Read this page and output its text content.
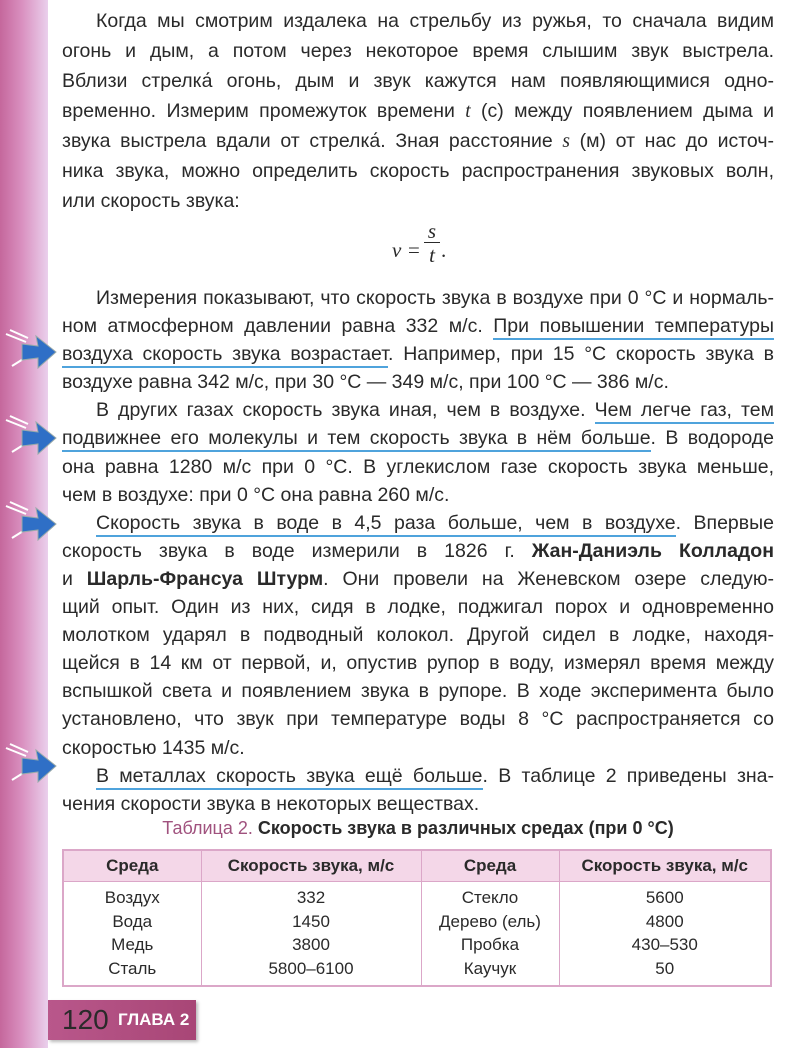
Когда мы смотрим издалека на стрельбу из ружья, то сначала видим
огонь и дым, а потом через некоторое время слышим звук выстрела.
Вблизи стрелка́ огонь, дым и звук кажутся нам появляющимися одно-
временно. Измерим промежуток времени t (с) между появлением дыма и
звука выстрела вдали от стрелка́. Зная расстояние s (м) от нас до источ-
ника звука, можно определить скорость распространения звуковых волн,
или скорость звука:
$v = \frac{s}{t}$ .
Измерения показывают, что скорость звука в воздухе при 0 °С и нормаль-
ном атмосферном давлении равна 332 м/с. При повышении температуры
воздуха скорость звука возрастает. Например, при 15 °С скорость звука в
воздухе равна 342 м/с, при 30 °С — 349 м/с, при 100 °С — 386 м/с.
В других газах скорость звука иная, чем в воздухе. Чем легче газ, тем
подвижнее его молекулы и тем скорость звука в нём больше. В водороде
она равна 1280 м/с при 0 °С. В углекислом газе скорость звука меньше,
чем в воздухе: при 0 °С она равна 260 м/с.
Скорость звука в воде в 4,5 раза больше, чем в воздухе. Впервые
скорость звука в воде измерили в 1826 г. Жан-Даниэль Колладон
и Шарль-Франсуа Штурм. Они провели на Женевском озере следую-
щий опыт. Один из них, сидя в лодке, поджигал порох и одновременно
молотком ударял в подводный колокол. Другой сидел в лодке, находя-
щейся в 14 км от первой, и, опустив рупор в воду, измерял время между
вспышкой света и появлением звука в рупоре. В ходе эксперимента было
установлено, что звук при температуре воды 8 °С распространяется со
скоростью 1435 м/с.
В металлах скорость звука ещё больше. В таблице 2 приведены зна-
чения скорости звука в некоторых веществах.
Таблица 2. Скорость звука в различных средах (при 0 °С)
Среда	Скорость звука, м/с	Среда	Скорость звука, м/с
Воздух	332	Стекло	5600
Вода	1450	Дерево (ель)	4800
Медь	3800	Пробка	430–530
Сталь	5800–6100	Каучук	50
120 ГЛАВА 2
